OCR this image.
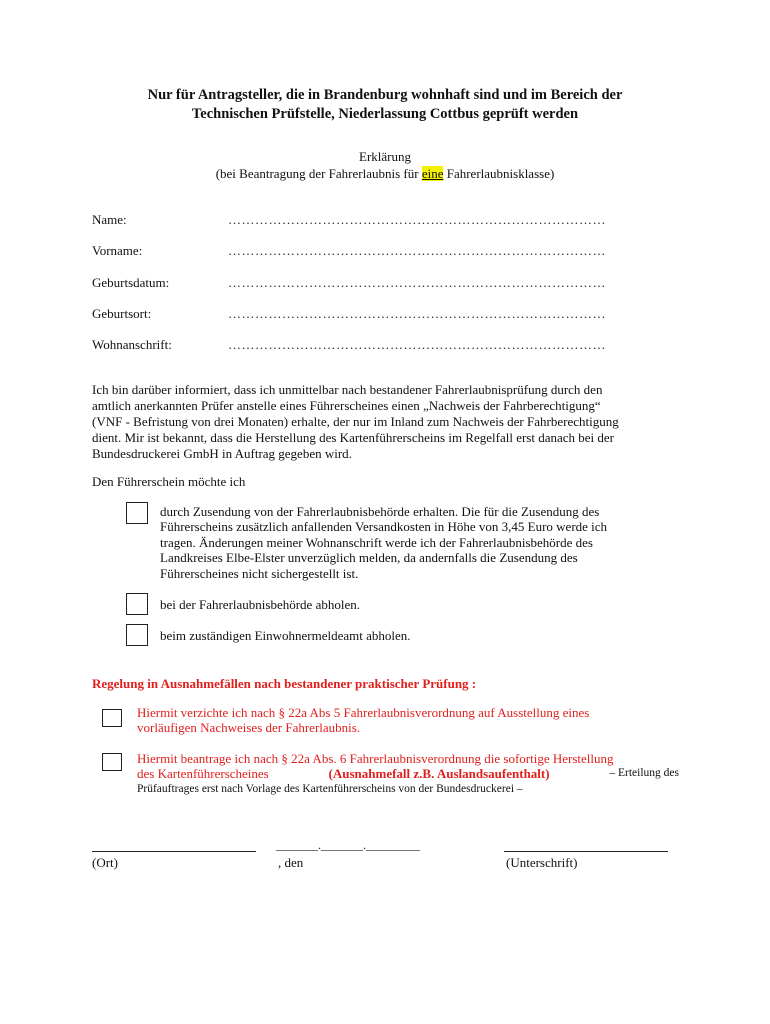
Nur für Antragsteller, die in Brandenburg wohnhaft sind und im Bereich der
Technischen Prüfstelle, Niederlassung Cottbus geprüft werden
Erklärung
(bei Beantragung der Fahrerlaubnis für eine Fahrerlaubnisklasse)
Name:	…………………………………………………………………………
Vorname:	…………………………………………………………………………
Geburtsdatum:	…………………………………………………………………………
Geburtsort:	…………………………………………………………………………
Wohnanschrift:	…………………………………………………………………………
Ich bin darüber informiert, dass ich unmittelbar nach bestandener Fahrerlaubnisprüfung durch den
amtlich anerkannten Prüfer anstelle eines Führerscheines einen „Nachweis der Fahrberechtigung“
(VNF - Befristung von drei Monaten) erhalte, der nur im Inland zum Nachweis der Fahrberechtigung
dient. Mir ist bekannt, dass die Herstellung des Kartenführerscheins im Regelfall erst danach bei der
Bundesdruckerei GmbH in Auftrag gegeben wird.
Den Führerschein möchte ich
durch Zusendung von der Fahrerlaubnisbehörde erhalten. Die für die Zusendung des
Führerscheins zusätzlich anfallenden Versandkosten in Höhe von 3,45 Euro werde ich
tragen. Änderungen meiner Wohnanschrift werde ich der Fahrerlaubnisbehörde des
Landkreises Elbe-Elster unverzüglich melden, da andernfalls die Zusendung des
Führerscheines nicht sichergestellt ist.
bei der Fahrerlaubnisbehörde abholen.
beim zuständigen Einwohnermeldeamt abholen.
Regelung in Ausnahmefällen nach bestandener praktischer Prüfung :
Hiermit verzichte ich nach § 22a Abs 5 Fahrerlaubnisverordnung auf Ausstellung eines
vorläufigen Nachweises der Fahrerlaubnis.
Hiermit beantrage ich nach § 22a Abs. 6 Fahrerlaubnisverordnung die sofortige Herstellung
des Kartenführerscheines	(Ausnahmefall z.B. Auslandsaufenthalt)	– Erteilung des
Prüfauftrages erst nach Vorlage des Kartenführerscheins von der Bundesdruckerei –
(Ort)
_______._______._________
, den	(Unterschrift)
